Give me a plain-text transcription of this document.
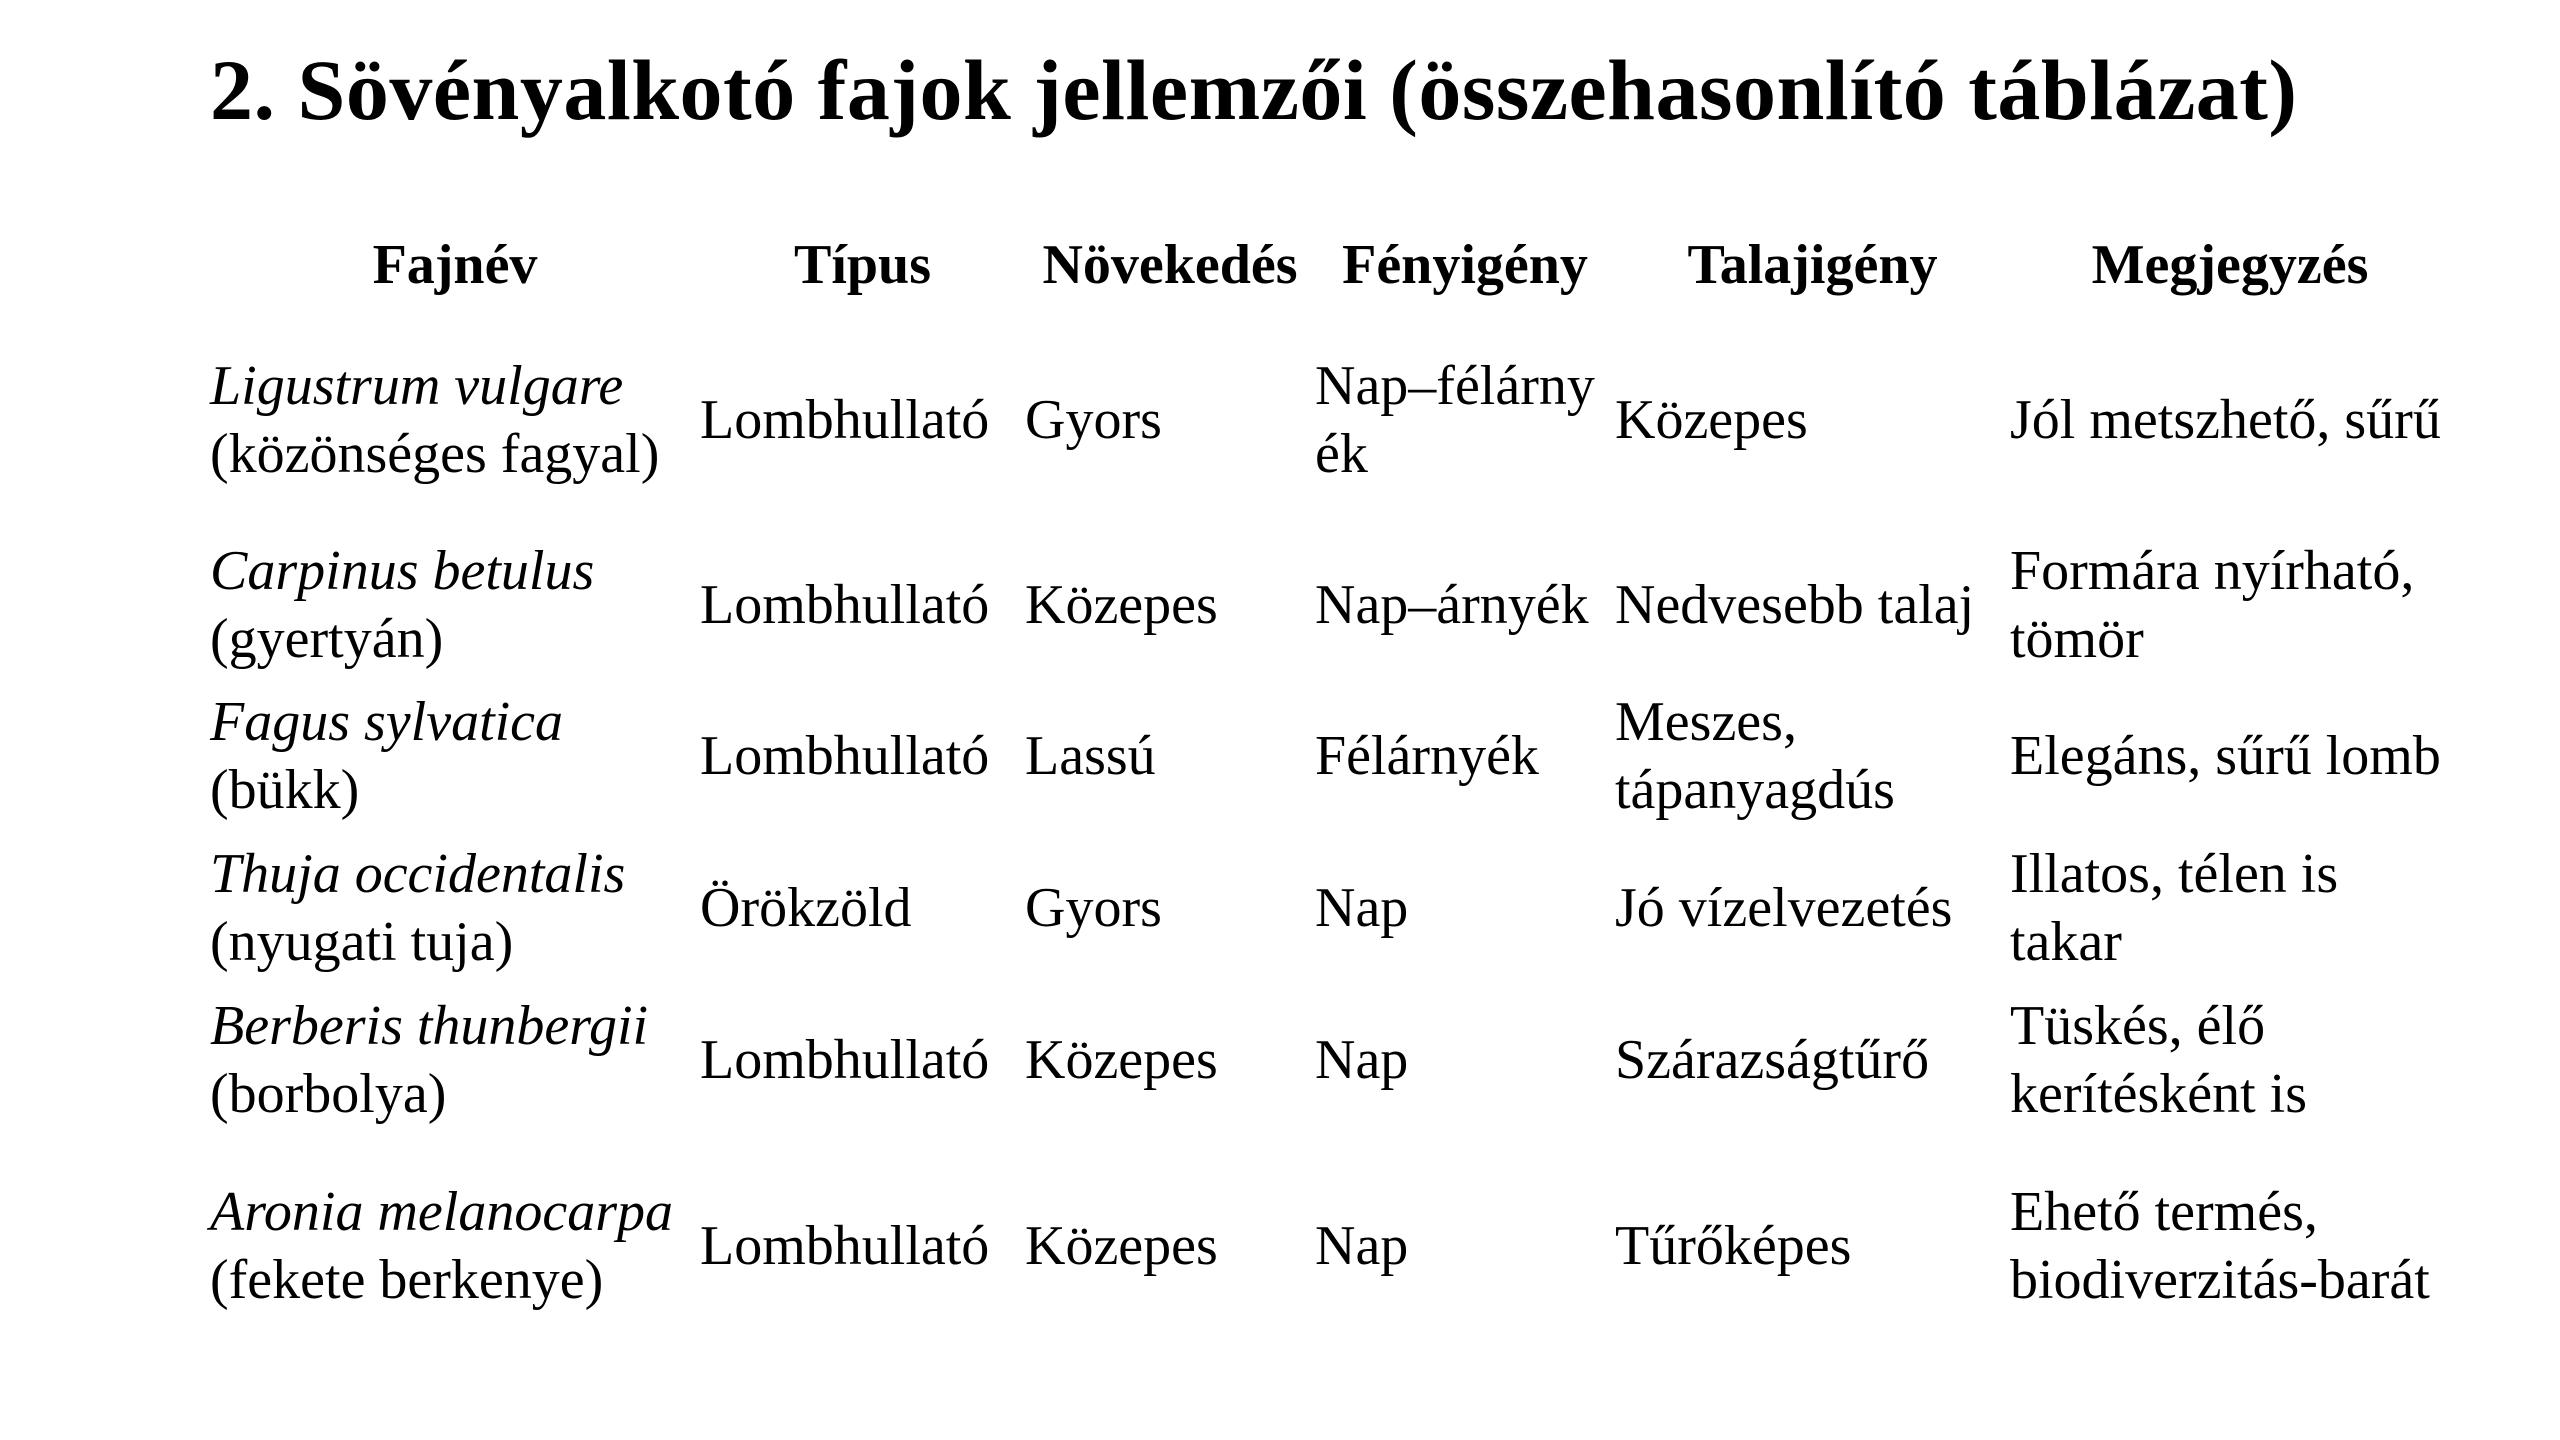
2. Sövényalkotó fajok jellemzői (összehasonlító táblázat)
Fajnév	Típus	Növekedés	Fényigény	Talajigény	Megjegyzés

Ligustrum vulgare
(közönséges fagyal)	Lombhullató	Gyors	Nap–félárnyék	Közepes	Jól metszhető, sűrű

Carpinus betulus
(gyertyán)	Lombhullató	Közepes	Nap–árnyék	Nedvesebb talaj	Formára nyírható, tömör

Fagus sylvatica
(bükk)	Lombhullató	Lassú	Félárnyék	Meszes, tápanyagdús	Elegáns, sűrű lomb

Thuja occidentalis
(nyugati tuja)	Örökzöld	Gyors	Nap	Jó vízelvezetés	Illatos, télen is takar

Berberis thunbergii
(borbolya)	Lombhullató	Közepes	Nap	Szárazságtűrő	Tüskés, élő kerítésként is

Aronia melanocarpa
(fekete berkenye)	Lombhullató	Közepes	Nap	Tűrőképes	Ehető termés, biodiverzitás-barát
